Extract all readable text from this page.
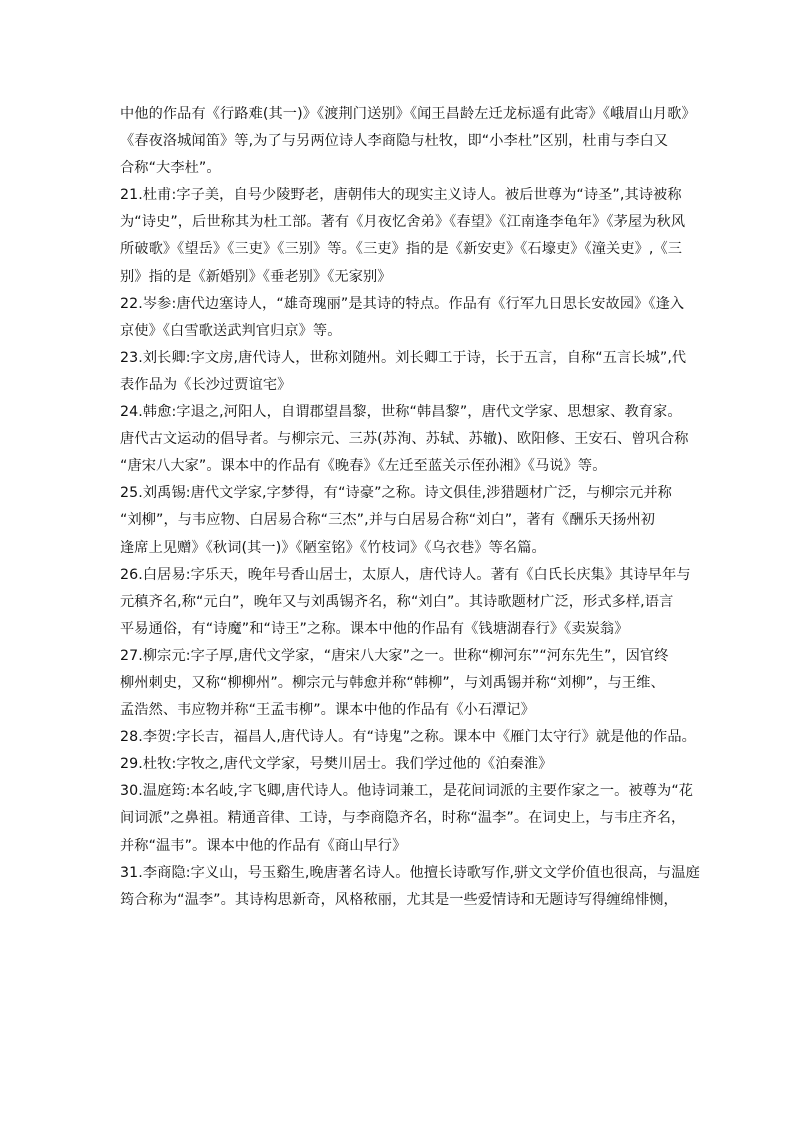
中他的作品有《行路难(其一)》《渡荆门送别》《闻王昌龄左迁龙标遥有此寄》《峨眉山月歌》
《春夜洛城闻笛》等,为了与另两位诗人李商隐与杜牧，即“小李杜”区别，杜甫与李白又
合称“大李杜”。
21.杜甫:字子美，自号少陵野老，唐朝伟大的现实主义诗人。被后世尊为“诗圣”,其诗被称
为“诗史”，后世称其为杜工部。著有《月夜忆舍弟》《春望》《江南逢李龟年》《茅屋为秋风
所破歌》《望岳》《三吏》《三别》等。《三吏》指的是《新安吏》《石壕吏》《潼关吏》,《三
别》指的是《新婚别》《垂老别》《无家别》
22.岑参:唐代边塞诗人，“雄奇瑰丽”是其诗的特点。作品有《行军九日思长安故园》《逢入
京使》《白雪歌送武判官归京》等。
23.刘长卿:字文房,唐代诗人，世称刘随州。刘长卿工于诗，长于五言，自称“五言长城”,代
表作品为《长沙过贾谊宅》
24.韩愈:字退之,河阳人，自谓郡望昌黎，世称“韩昌黎”，唐代文学家、思想家、教育家。
唐代古文运动的倡导者。与柳宗元、三苏(苏洵、苏轼、苏辙)、欧阳修、王安石、曾巩合称
“唐宋八大家”。课本中的作品有《晚春》《左迁至蓝关示侄孙湘》《马说》等。
25.刘禹锡:唐代文学家,字梦得，有“诗豪”之称。诗文俱佳,涉猎题材广泛，与柳宗元并称
“刘柳”，与韦应物、白居易合称“三杰”,并与白居易合称“刘白”，著有《酬乐天扬州初
逢席上见赠》《秋词(其一)》《陋室铭》《竹枝词》《乌衣巷》等名篇。
26.白居易:字乐天，晚年号香山居士，太原人，唐代诗人。著有《白氏长庆集》其诗早年与
元稹齐名,称“元白”，晚年又与刘禹锡齐名，称“刘白”。其诗歌题材广泛，形式多样,语言
平易通俗，有“诗魔”和“诗王”之称。课本中他的作品有《钱塘湖春行》《卖炭翁》
27.柳宗元:字子厚,唐代文学家，“唐宋八大家”之一。世称“柳河东”“河东先生”，因官终
柳州刺史，又称“柳柳州”。柳宗元与韩愈并称“韩柳”，与刘禹锡并称“刘柳”，与王维、
孟浩然、韦应物并称“王孟韦柳”。课本中他的作品有《小石潭记》
28.李贺:字长吉，福昌人,唐代诗人。有“诗鬼”之称。课本中《雁门太守行》就是他的作品。
29.杜牧:字牧之,唐代文学家，号樊川居士。我们学过他的《泊秦淮》
30.温庭筠:本名岐,字飞卿,唐代诗人。他诗词兼工，是花间词派的主要作家之一。被尊为“花
间词派”之鼻祖。精通音律、工诗，与李商隐齐名，时称“温李”。在词史上，与韦庄齐名，
并称“温韦”。课本中他的作品有《商山早行》
31.李商隐:字义山，号玉谿生,晚唐著名诗人。他擅长诗歌写作,骈文文学价值也很高，与温庭
筠合称为“温李”。其诗构思新奇，风格秾丽，尤其是一些爱情诗和无题诗写得缠绵悱恻，
